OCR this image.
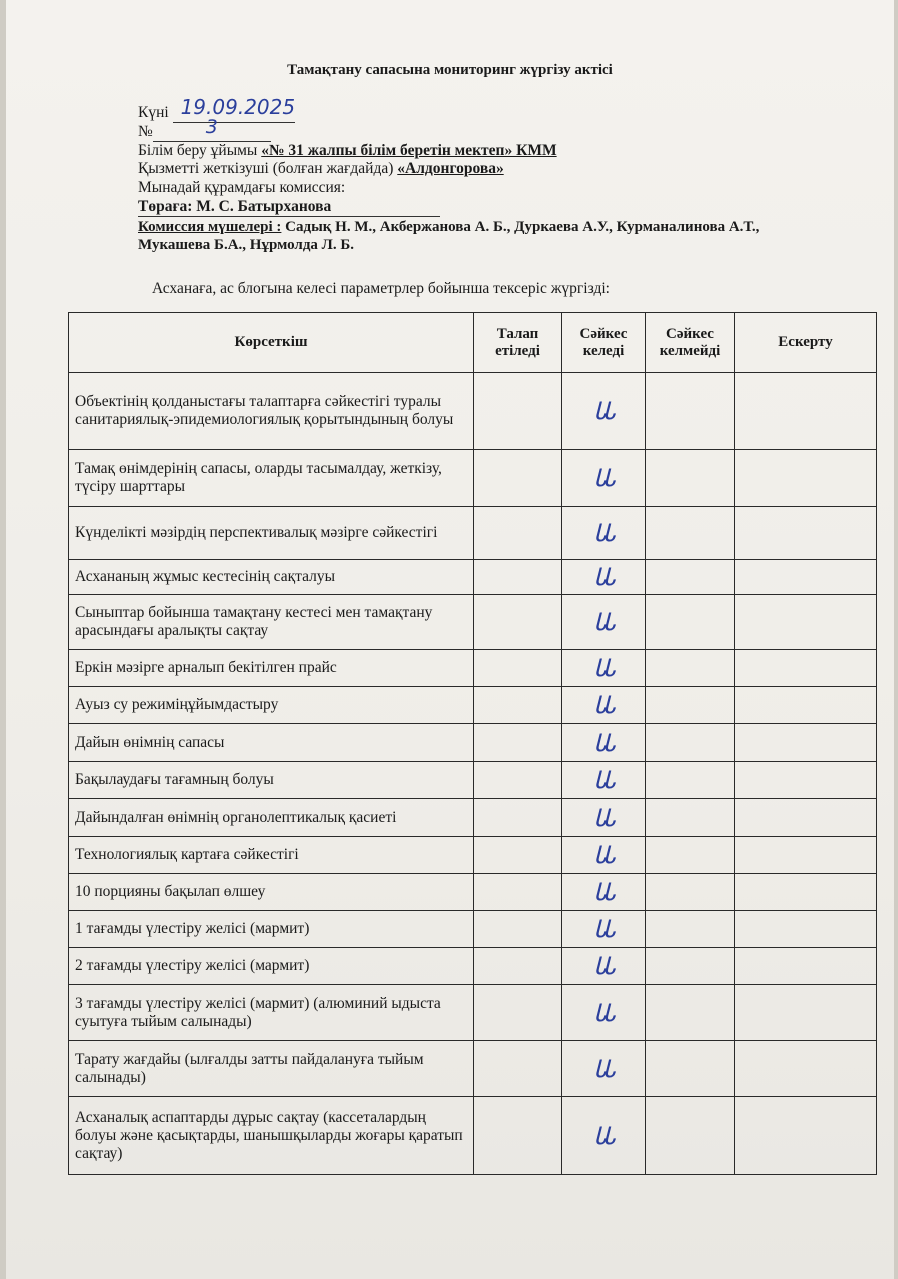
Тамақтану сапасына мониторинг жүргізу актісі
Күні 19.09.2025
№	3
Білім беру ұйымы «№ 31 жалпы білім беретін мектеп» КММ
Қызметті жеткізуші (болған жағдайда) «Алдонгорова»
Мынадай құрамдағы комиссия:
Төраға: М. С. Батырханова
Комиссия мүшелері : Садық Н. М., Акбержанова А. Б., Дуркаева А.У., Курманалинова А.Т.,
Мукашева Б.А., Нұрмолда Л. Б.
Асханаға, ас блогына келесі параметрлер бойынша тексеріс жүргізді:
Көрсеткіш	Талап етіледі	Сәйкес келеді	Сәйкес келмейді	Ескерту
Объектінің қолданыстағы талаптарға сәйкестігі туралы санитариялық-эпидемиологиялық қорытындының болуы		ᏓᏓ		

Тамақ өнімдерінің сапасы, оларды тасымалдау, жеткізу, түсіру шарттары		ᏓᏓ		

Күнделікті мәзірдің перспективалық мәзірге сәйкестігі		ᏓᏓ		

Асхананың жұмыс кестесінің сақталуы		ᏓᏓ		

Сыныптар бойынша тамақтану кестесі мен тамақтану арасындағы аралықты сақтау		ᏓᏓ		

Еркін мәзірге арналып бекітілген прайс		ᏓᏓ		

Ауыз су режиміңұйымдастыру		ᏓᏓ		

Дайын өнімнің сапасы		ᏓᏓ		

Бақылаудағы тағамның болуы		ᏓᏓ		

Дайындалған өнімнің органолептикалық қасиеті		ᏓᏓ		

Технологиялық картаға сәйкестігі		ᏓᏓ		

10 порцияны бақылап өлшеу		ᏓᏓ		

1 тағамды үлестіру желісі (мармит)		ᏓᏓ		

2 тағамды үлестіру желісі (мармит)		ᏓᏓ		

3 тағамды үлестіру желісі (мармит) (алюминий ыдыста суытуға тыйым салынады)		ᏓᏓ		

Тарату жағдайы (ылғалды затты пайдалануға тыйым салынады)		ᏓᏓ		

Асханалық аспаптарды дұрыс сақтау (кассеталардың болуы және қасықтарды, шанышқыларды жоғары қаратып сақтау)		ᏓᏓ		
